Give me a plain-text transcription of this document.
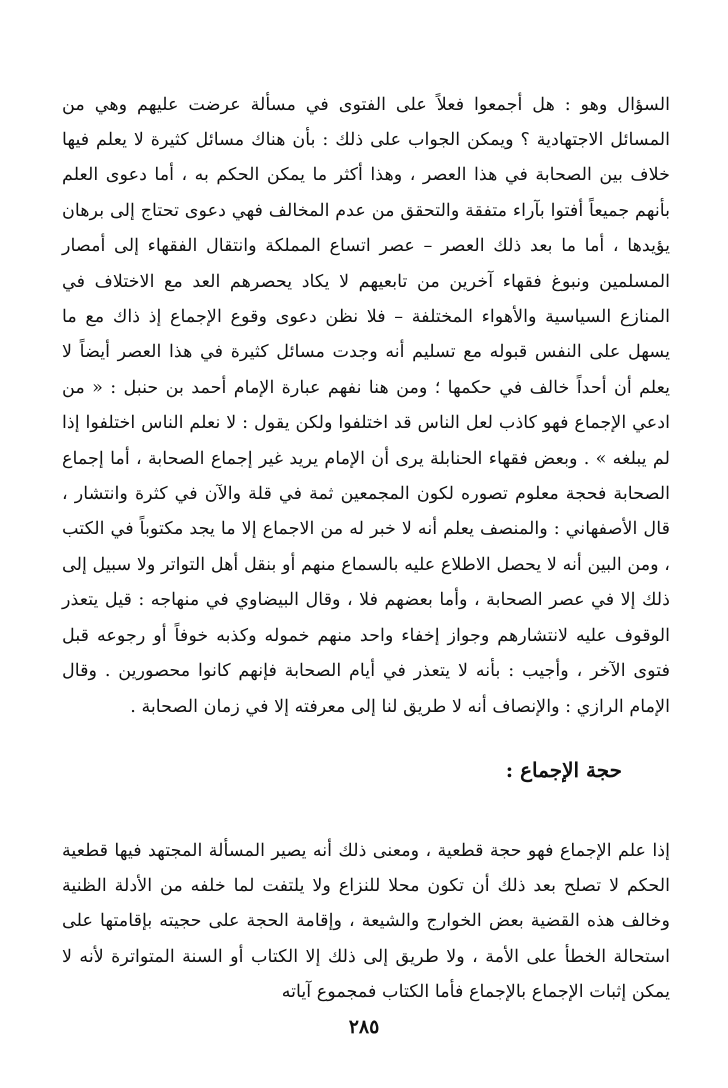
السؤال وهو : هل أجمعوا فعلاً على الفتوى في مسألة عرضت عليهم وهي من المسائل الاجتهادية ؟ ويمكن الجواب على ذلك : بأن هناك مسائل كثيرة لا يعلم فيها خلاف بين الصحابة في هذا العصر ، وهذا أكثر ما يمكن الحكم به ، أما دعوى العلم بأنهم جميعاً أفتوا بآراء متفقة والتحقق من عدم المخالف فهي دعوى تحتاج إلى برهان يؤيدها ، أما ما بعد ذلك العصر – عصر اتساع المملكة وانتقال الفقهاء إلى أمصار المسلمين ونبوغ فقهاء آخرين من تابعيهم لا يكاد يحصرهم العد مع الاختلاف في المنازع السياسية والأهواء المختلفة – فلا نظن دعوى وقوع الإجماع إذ ذاك مع ما يسهل على النفس قبوله مع تسليم أنه وجدت مسائل كثيرة في هذا العصر أيضاً لا يعلم أن أحداً خالف في حكمها ؛ ومن هنا نفهم عبارة الإمام أحمد بن حنبل : « من ادعي الإجماع فهو كاذب لعل الناس قد اختلفوا ولكن يقول : لا نعلم الناس اختلفوا إذا لم يبلغه » . وبعض فقهاء الحنابلة يرى أن الإمام يريد غير إجماع الصحابة ، أما إجماع الصحابة فحجة معلوم تصوره لكون المجمعين ثمة في قلة والآن في كثرة وانتشار ، قال الأصفهاني : والمنصف يعلم أنه لا خبر له من الاجماع إلا ما يجد مكتوباً في الكتب ، ومن البين أنه لا يحصل الاطلاع عليه بالسماع منهم أو بنقل أهل التواتر ولا سبيل إلى ذلك إلا في عصر الصحابة ، وأما بعضهم فلا ، وقال البيضاوي في منهاجه : قيل يتعذر الوقوف عليه لانتشارهم وجواز إخفاء واحد منهم خموله وكذبه خوفاً أو رجوعه قبل فتوى الآخر ، وأجيب : بأنه لا يتعذر في أيام الصحابة فإنهم كانوا محصورين . وقال الإمام الرازي : والإنصاف أنه لا طريق لنا إلى معرفته إلا في زمان الصحابة .

حجة الإجماع :

إذا علم الإجماع فهو حجة قطعية ، ومعنى ذلك أنه يصير المسألة المجتهد فيها قطعية الحكم لا تصلح بعد ذلك أن تكون محلا للنزاع ولا يلتفت لما خلفه من الأدلة الظنية وخالف هذه القضية بعض الخوارج والشيعة ، وإقامة الحجة على حجيته بإقامتها على استحالة الخطأ على الأمة ، ولا طريق إلى ذلك إلا الكتاب أو السنة المتواترة لأنه لا يمكن إثبات الإجماع بالإجماع فأما الكتاب فمجموع آياته

٢٨٥
